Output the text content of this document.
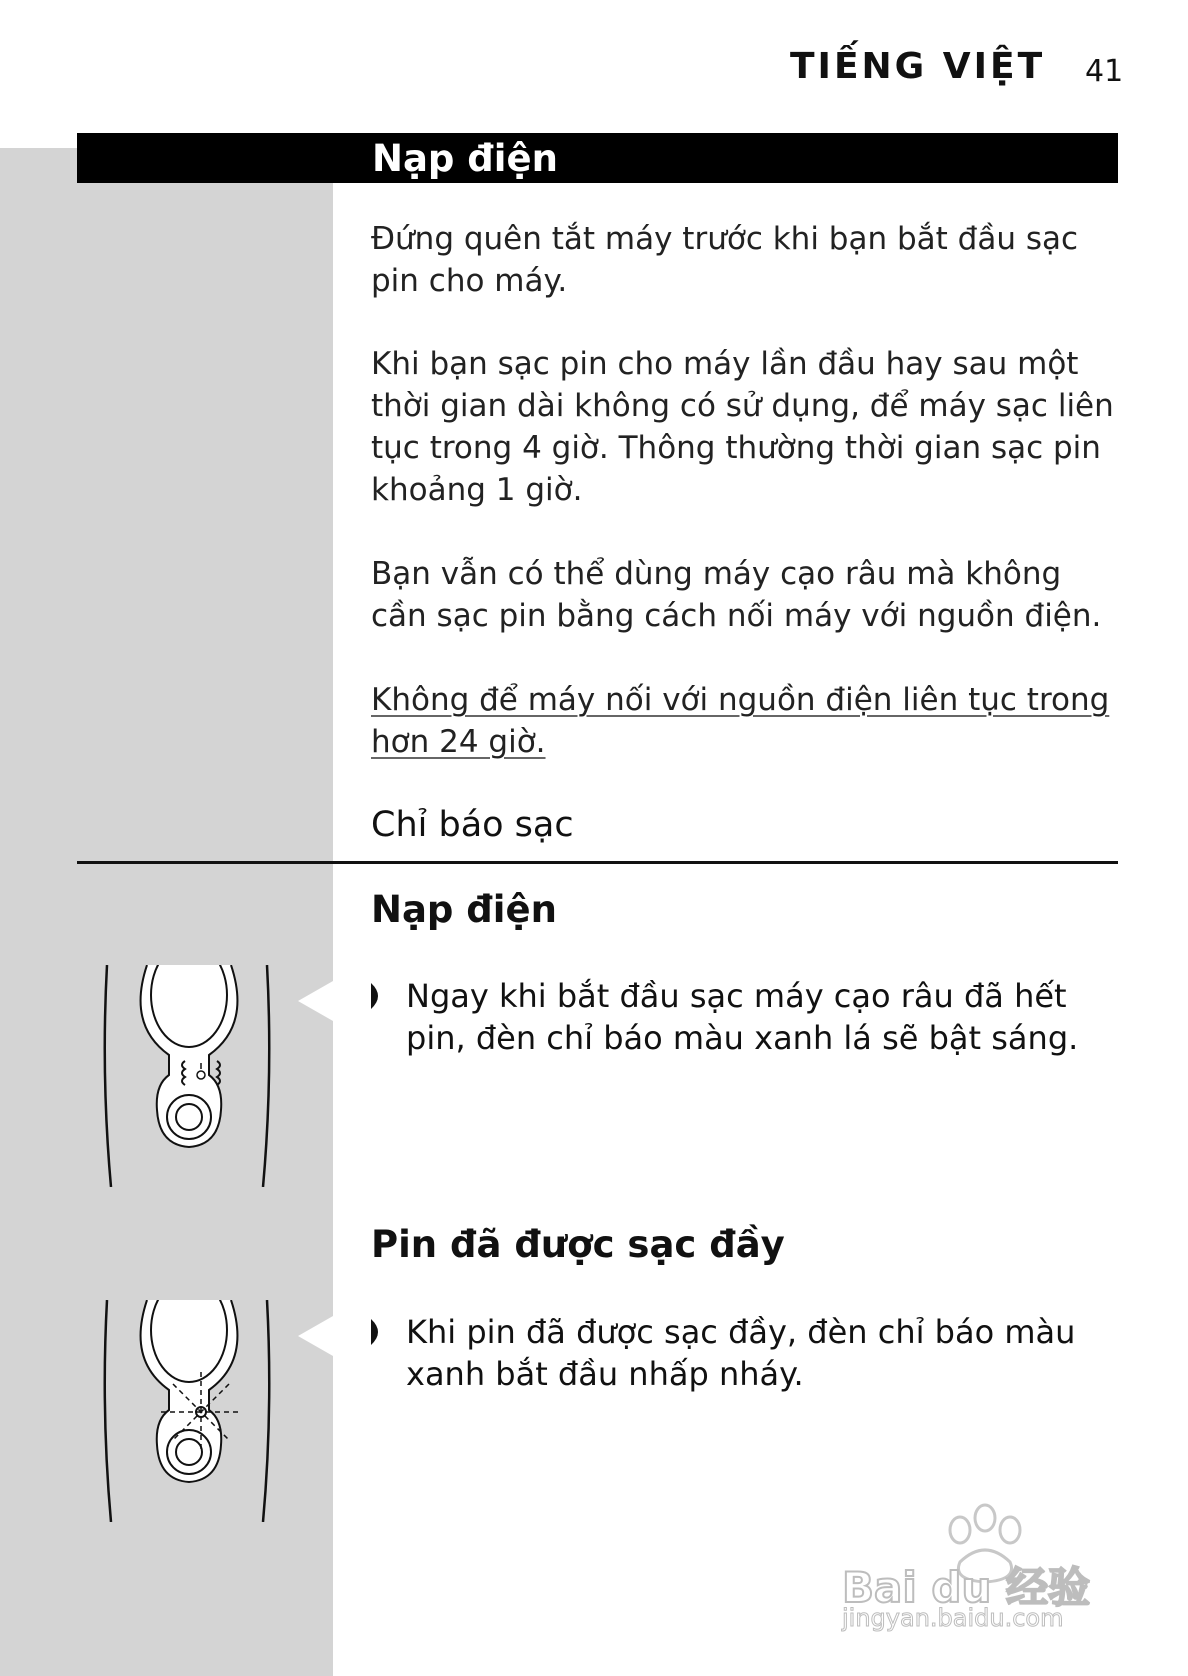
TIẾNG VIỆT 41
Nạp điện

Đứng quên tắt máy trước khi bạn bắt đầu sạc pin cho máy.

Khi bạn sạc pin cho máy lần đầu hay sau một thời gian dài không có sử dụng, để máy sạc liên tục trong 4 giờ. Thông thường thời gian sạc pin khoảng 1 giờ.

Bạn vẫn có thể dùng máy cạo râu mà không cần sạc pin bằng cách nối máy với nguồn điện.

Không để máy nối với nguồn điện liên tục trong hơn 24 giờ.

Chỉ báo sạc
Nạp điện
Ngay khi bắt đầu sạc máy cạo râu đã hết pin, đèn chỉ báo màu xanh lá sẽ bật sáng.
Pin đã được sạc đầy
Khi pin đã được sạc đầy, đèn chỉ báo màu xanh bắt đầu nhấp nháy.
Bai du 经验
jingyan.baidu.com
